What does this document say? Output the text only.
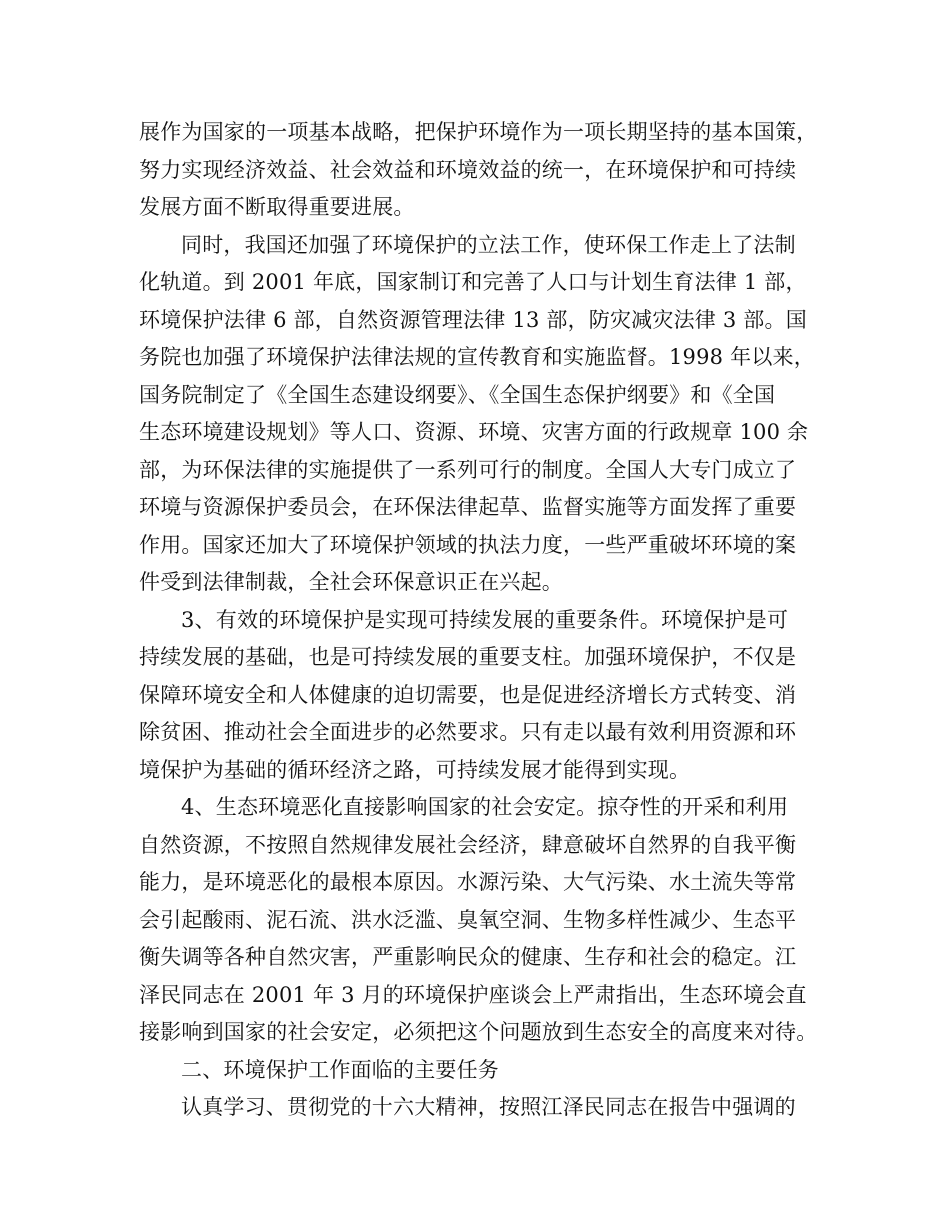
展作为国家的一项基本战略，把保护环境作为一项长期坚持的基本国策，
努力实现经济效益、社会效益和环境效益的统一，在环境保护和可持续
发展方面不断取得重要进展。
同时，我国还加强了环境保护的立法工作，使环保工作走上了法制
化轨道。到 2001 年底，国家制订和完善了人口与计划生育法律 1 部，
环境保护法律 6 部，自然资源管理法律 13 部，防灾减灾法律 3 部。国
务院也加强了环境保护法律法规的宣传教育和实施监督。1998 年以来，
国务院制定了《全国生态建设纲要》、《全国生态保护纲要》和《全国
生态环境建设规划》等人口、资源、环境、灾害方面的行政规章 100 余
部，为环保法律的实施提供了一系列可行的制度。全国人大专门成立了
环境与资源保护委员会，在环保法律起草、监督实施等方面发挥了重要
作用。国家还加大了环境保护领域的执法力度，一些严重破坏环境的案
件受到法律制裁，全社会环保意识正在兴起。
3、有效的环境保护是实现可持续发展的重要条件。环境保护是可
持续发展的基础，也是可持续发展的重要支柱。加强环境保护，不仅是
保障环境安全和人体健康的迫切需要，也是促进经济增长方式转变、消
除贫困、推动社会全面进步的必然要求。只有走以最有效利用资源和环
境保护为基础的循环经济之路，可持续发展才能得到实现。
4、生态环境恶化直接影响国家的社会安定。掠夺性的开采和利用
自然资源，不按照自然规律发展社会经济，肆意破坏自然界的自我平衡
能力，是环境恶化的最根本原因。水源污染、大气污染、水土流失等常
会引起酸雨、泥石流、洪水泛滥、臭氧空洞、生物多样性减少、生态平
衡失调等各种自然灾害，严重影响民众的健康、生存和社会的稳定。江
泽民同志在 2001 年 3 月的环境保护座谈会上严肃指出，生态环境会直
接影响到国家的社会安定，必须把这个问题放到生态安全的高度来对待。
二、环境保护工作面临的主要任务
认真学习、贯彻党的十六大精神，按照江泽民同志在报告中强调的
